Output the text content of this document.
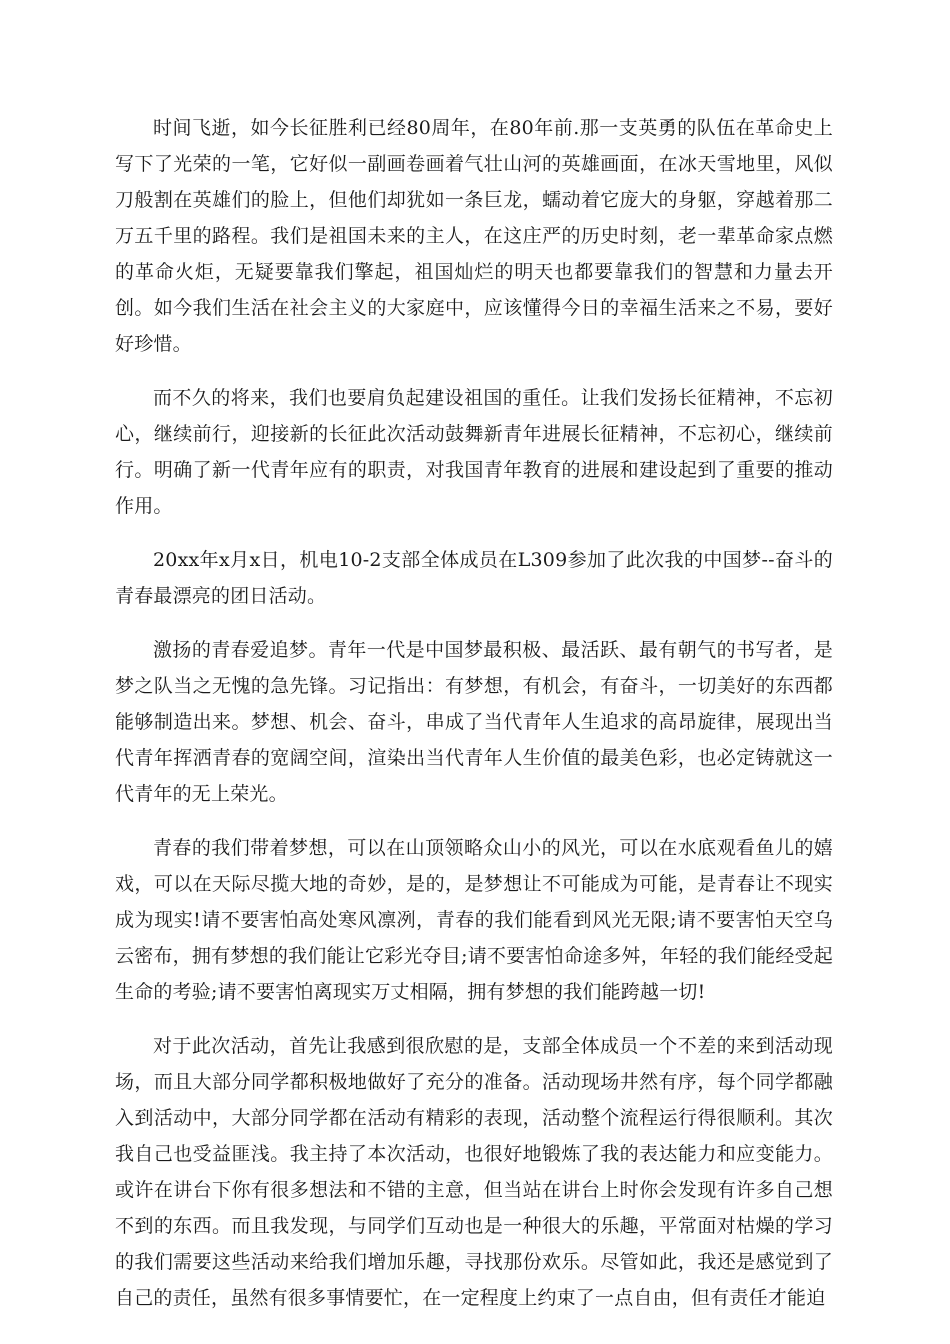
时间飞逝，如今长征胜利已经80周年，在80年前.那一支英勇的队伍在革命史上写下了光荣的一笔，它好似一副画卷画着气壮山河的英雄画面，在冰天雪地里，风似刀般割在英雄们的脸上，但他们却犹如一条巨龙，蠕动着它庞大的身躯，穿越着那二万五千里的路程。我们是祖国未来的主人，在这庄严的历史时刻，老一辈革命家点燃的革命火炬，无疑要靠我们擎起，祖国灿烂的明天也都要靠我们的智慧和力量去开创。如今我们生活在社会主义的大家庭中，应该懂得今日的幸福生活来之不易，要好好珍惜。

而不久的将来，我们也要肩负起建设祖国的重任。让我们发扬长征精神，不忘初心，继续前行，迎接新的长征此次活动鼓舞新青年进展长征精神，不忘初心，继续前行。明确了新一代青年应有的职责，对我国青年教育的进展和建设起到了重要的推动作用。

20xx年x月x日，机电10-2支部全体成员在L309参加了此次我的中国梦--奋斗的青春最漂亮的团日活动。

激扬的青春爱追梦。青年一代是中国梦最积极、最活跃、最有朝气的书写者，是梦之队当之无愧的急先锋。习记指出：有梦想，有机会，有奋斗，一切美好的东西都能够制造出来。梦想、机会、奋斗，串成了当代青年人生追求的高昂旋律，展现出当代青年挥洒青春的宽阔空间，渲染出当代青年人生价值的最美色彩，也必定铸就这一代青年的无上荣光。

青春的我们带着梦想，可以在山顶领略众山小的风光，可以在水底观看鱼儿的嬉戏，可以在天际尽揽大地的奇妙，是的，是梦想让不可能成为可能，是青春让不现实成为现实!请不要害怕高处寒风凛冽，青春的我们能看到风光无限;请不要害怕天空乌云密布，拥有梦想的我们能让它彩光夺目;请不要害怕命途多舛，年轻的我们能经受起生命的考验;请不要害怕离现实万丈相隔，拥有梦想的我们能跨越一切!

对于此次活动，首先让我感到很欣慰的是，支部全体成员一个不差的来到活动现场，而且大部分同学都积极地做好了充分的准备。活动现场井然有序，每个同学都融入到活动中，大部分同学都在活动有精彩的表现，活动整个流程运行得很顺利。其次我自己也受益匪浅。我主持了本次活动，也很好地锻炼了我的表达能力和应变能力。或许在讲台下你有很多想法和不错的主意，但当站在讲台上时你会发现有许多自己想不到的东西。而且我发现，与同学们互动也是一种很大的乐趣，平常面对枯燥的学习的我们需要这些活动来给我们增加乐趣，寻找那份欢乐。尽管如此，我还是感觉到了自己的责任，虽然有很多事情要忙，在一定程度上约束了一点自由，但有责任才能迫
